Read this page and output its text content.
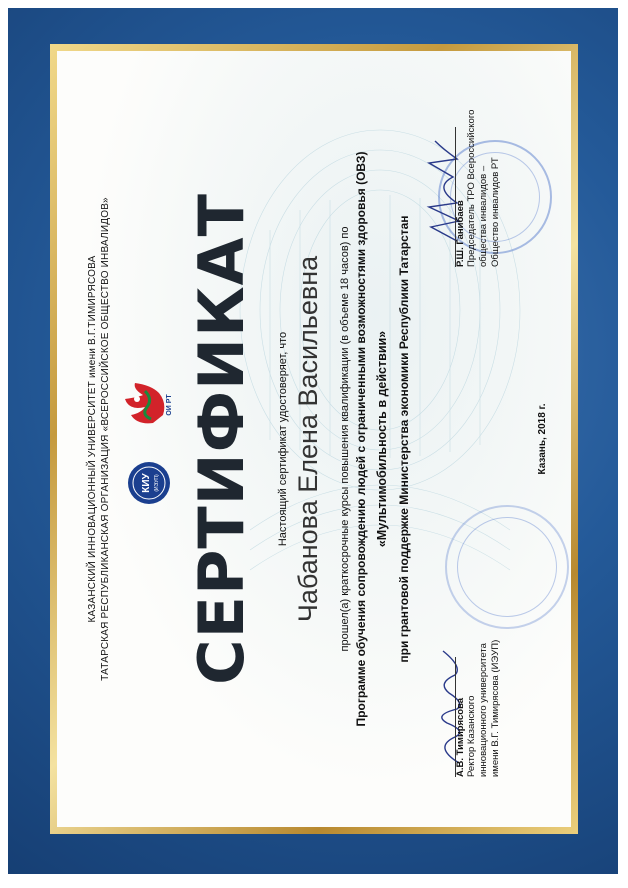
КАЗАНСКИЙ ИННОВАЦИОННЫЙ УНИВЕРСИТЕТ имени В.Г.ТИМИРЯСОВА ТАТАРСКАЯ РЕСПУБЛИКАНСКАЯ ОРГАНИЗАЦИЯ «ВСЕРОССИЙСКОЕ ОБЩЕСТВО ИНВАЛИДОВ»	КИУ (ИЭУП)
ОИ РТ СЕРТИФИКАТ Настоящий сертификат удостоверяет, что Чабанова Елена Васильевна прошел(а) краткосрочные курсы повышения квалификации (в объеме 18 часов) по Программе обучения сопровождению людей с ограниченными возможностями здоровья (ОВЗ) «Мультимобильность в действии» при грантовой поддержке Министерства экономики Республики Татарстан
А.В. Тимирясова Ректор Казанского инновационного университета имени В.Г. Тимирясова (ИЭУП)
Р.Ш. Ганибаев Председатель ТРО Всероссийского общества инвалидов – Общество инвалидов РТ
Казань, 2018 г.
